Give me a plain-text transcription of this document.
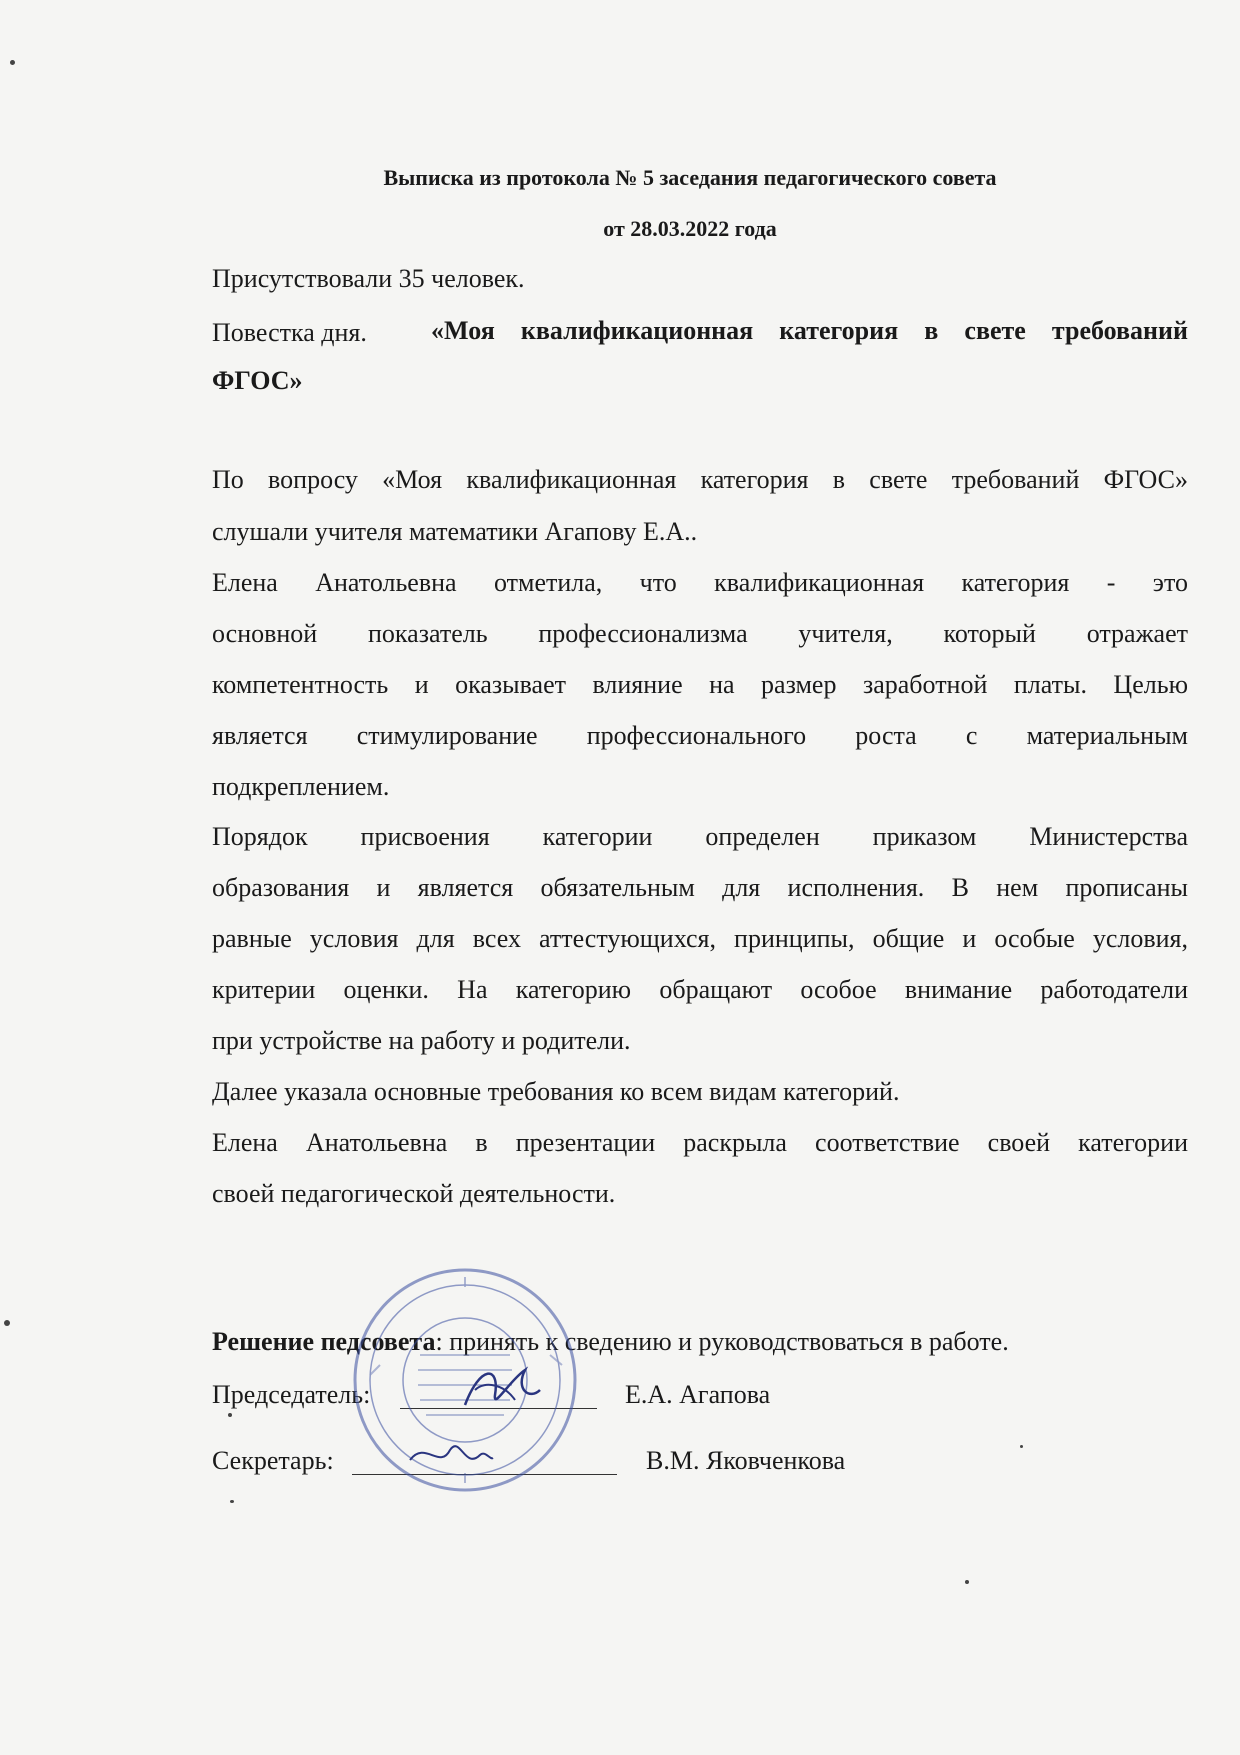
Выписка из протокола № 5 заседания педагогического совета
от 28.03.2022 года
Присутствовали 35 человек.
Повестка дня. «Моя квалификационная категория в свете требований
ФГОС»
По вопросу «Моя квалификационная категория в свете требований ФГОС»
слушали учителя математики Агапову Е.А..
Елена Анатольевна отметила, что квалификационная категория - это
основной показатель профессионализма учителя, который отражает
компетентность и оказывает влияние на размер заработной платы. Целью
является стимулирование профессионального роста с материальным
подкреплением.
Порядок присвоения категории определен приказом Министерства
образования и является обязательным для исполнения. В нем прописаны
равные условия для всех аттестующихся, принципы, общие и особые условия,
критерии оценки. На категорию обращают особое внимание работодатели
при устройстве на работу и родители.
Далее указала основные требования ко всем видам категорий.
Елена Анатольевна в презентации раскрыла соответствие своей категории
своей педагогической деятельности.
Решение педсовета: принять к сведению и руководствоваться в работе.
Председатель:	Е.А. Агапова
Секретарь:	В.М. Яковченкова
